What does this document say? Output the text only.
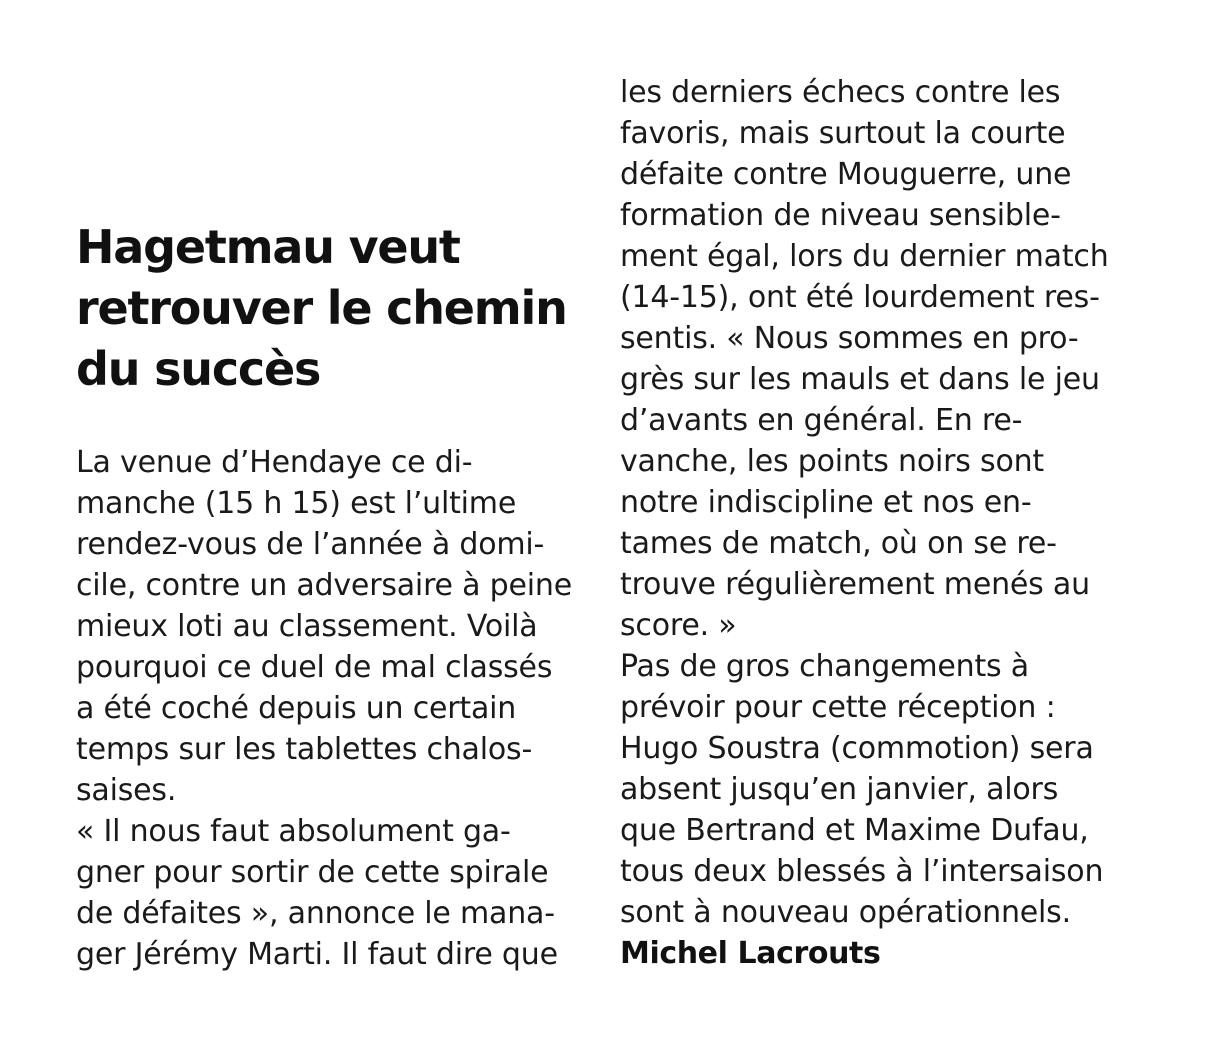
Hagetmau veut
retrouver le chemin
du succès
La venue d’Hendaye ce di-
manche (15 h 15) est l’ultime
rendez-vous de l’année à domi-
cile, contre un adversaire à peine
mieux loti au classement. Voilà
pourquoi ce duel de mal classés
a été coché depuis un certain
temps sur les tablettes chalos-
saises.
« Il nous faut absolument ga-
gner pour sortir de cette spirale
de défaites », annonce le mana-
ger Jérémy Marti. Il faut dire que
les derniers échecs contre les
favoris, mais surtout la courte
défaite contre Mouguerre, une
formation de niveau sensible-
ment égal, lors du dernier match
(14-15), ont été lourdement res-
sentis. « Nous sommes en pro-
grès sur les mauls et dans le jeu
d’avants en général. En re-
vanche, les points noirs sont
notre indiscipline et nos en-
tames de match, où on se re-
trouve régulièrement menés au
score. »
Pas de gros changements à
prévoir pour cette réception :
Hugo Soustra (commotion) sera
absent jusqu’en janvier, alors
que Bertrand et Maxime Dufau,
tous deux blessés à l’intersaison
sont à nouveau opérationnels.
Michel Lacrouts
